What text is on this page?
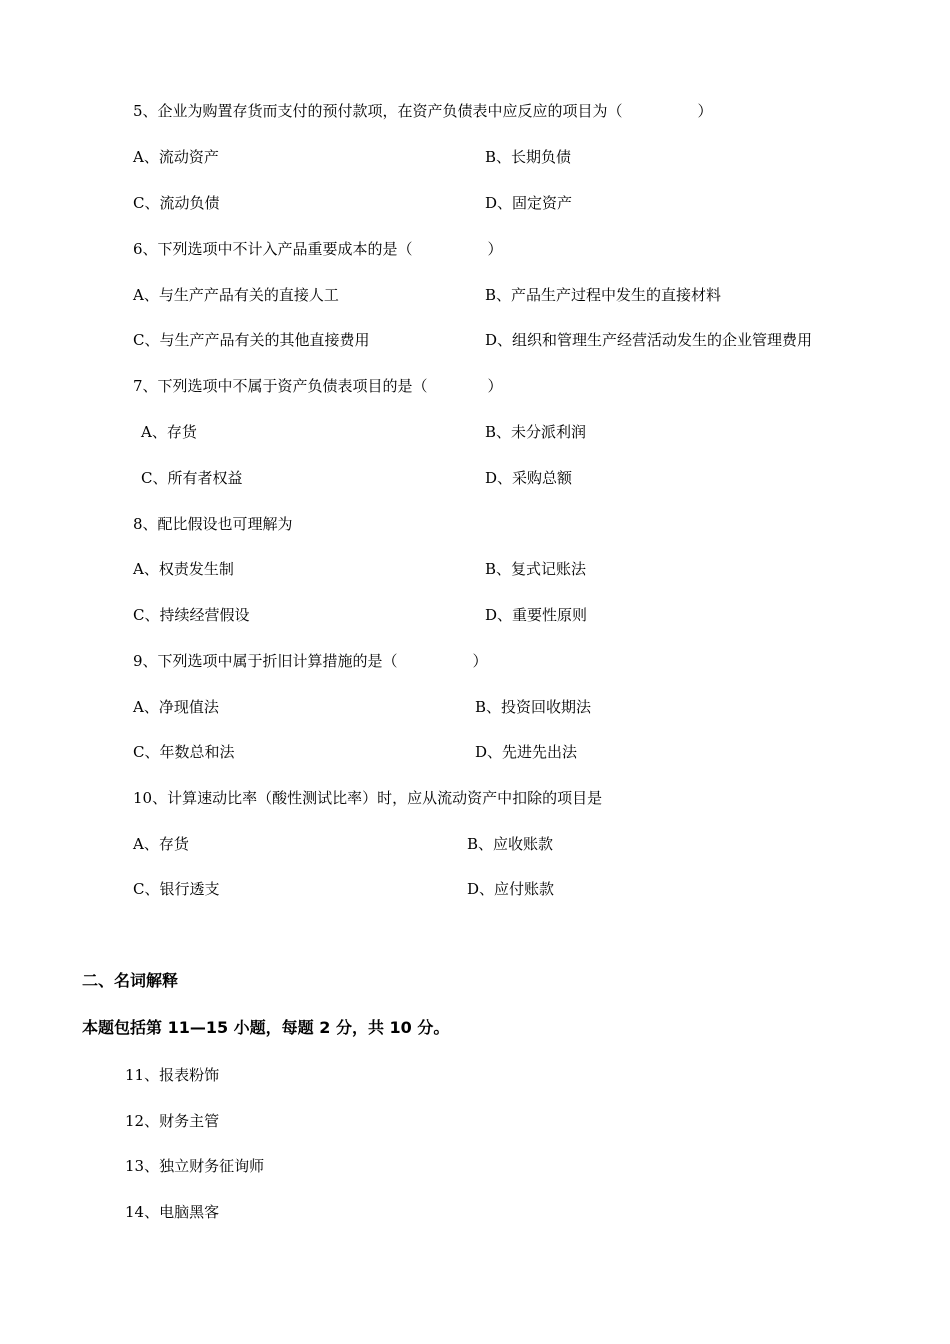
5、企业为购置存货而支付的预付款项，在资产负债表中应反应的项目为（　　　　　）
A、流动资产	B、长期负债
C、流动负债	D、固定资产
6、下列选项中不计入产品重要成本的是（　　　　　）
A、与生产产品有关的直接人工	B、产品生产过程中发生的直接材料
C、与生产产品有关的其他直接费用	D、组织和管理生产经营活动发生的企业管理费用
7、下列选项中不属于资产负债表项目的是（　　　　）
A、存货	B、未分派利润
C、所有者权益	D、采购总额
8、配比假设也可理解为
A、权责发生制	B、复式记账法
C、持续经营假设	D、重要性原则
9、下列选项中属于折旧计算措施的是（　　　　　）
A、净现值法	B、投资回收期法
C、年数总和法	D、先进先出法
10、计算速动比率（酸性测试比率）时，应从流动资产中扣除的项目是
A、存货	B、应收账款
C、银行透支	D、应付账款
二、名词解释
本题包括第 11—15 小题，每题 2 分，共 10 分。
11、报表粉饰
12、财务主管
13、独立财务征询师
14、电脑黑客
